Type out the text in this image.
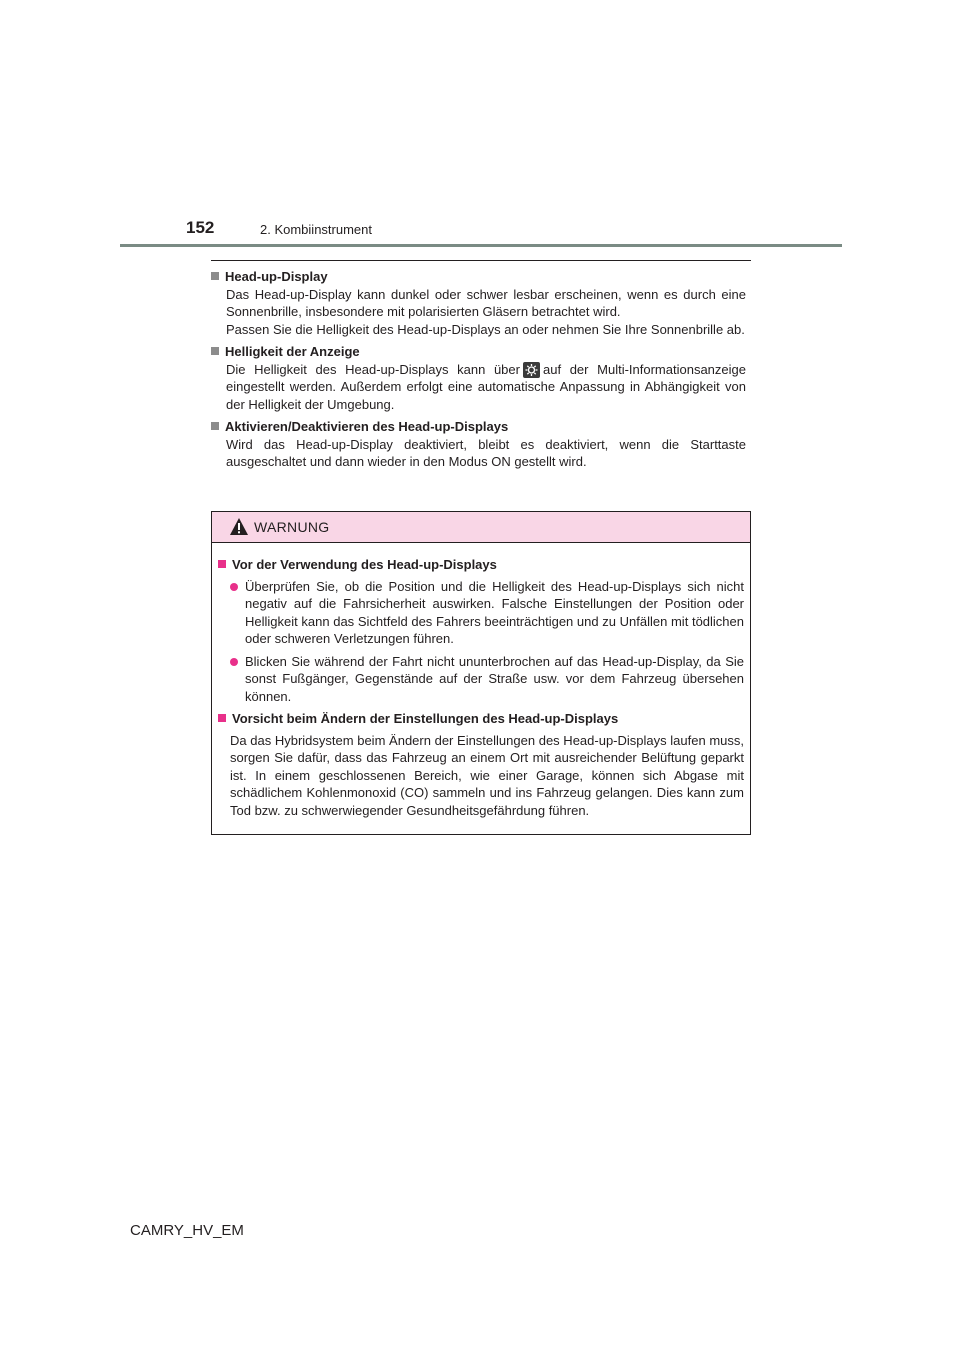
152	2. Kombiinstrument
Head-up-Display

Das Head-up-Display kann dunkel oder schwer lesbar erscheinen, wenn es durch eine Sonnenbrille, insbesondere mit polarisierten Gläsern betrachtet wird.

Passen Sie die Helligkeit des Head-up-Displays an oder nehmen Sie Ihre Sonnenbrille ab.

Helligkeit der Anzeige

Die Helligkeit des Head-up-Displays kann über auf der Multi-Informationsanzeige eingestellt werden. Außerdem erfolgt eine automatische Anpassung in Abhängigkeit von der Helligkeit der Umgebung.

Aktivieren/Deaktivieren des Head-up-Displays

Wird das Head-up-Display deaktiviert, bleibt es deaktiviert, wenn die Starttaste ausgeschaltet und dann wieder in den Modus ON gestellt wird.

WARNUNG
Vor der Verwendung des Head-up-Displays
Überprüfen Sie, ob die Position und die Helligkeit des Head-up-Displays sich nicht negativ auf die Fahrsicherheit auswirken. Falsche Einstellungen der Position oder Helligkeit kann das Sichtfeld des Fahrers beeinträchtigen und zu Unfällen mit tödlichen oder schweren Verletzungen führen.
Blicken Sie während der Fahrt nicht ununterbrochen auf das Head-up-Display, da Sie sonst Fußgänger, Gegenstände auf der Straße usw. vor dem Fahrzeug übersehen können.
Vorsicht beim Ändern der Einstellungen des Head-up-Displays
Da das Hybridsystem beim Ändern der Einstellungen des Head-up-Displays laufen muss, sorgen Sie dafür, dass das Fahrzeug an einem Ort mit ausreichender Belüftung geparkt ist. In einem geschlossenen Bereich, wie einer Garage, können sich Abgase mit schädlichem Kohlenmonoxid (CO) sammeln und ins Fahrzeug gelangen. Dies kann zum Tod bzw. zu schwerwiegender Gesundheitsgefährdung führen.
CAMRY_HV_EM
